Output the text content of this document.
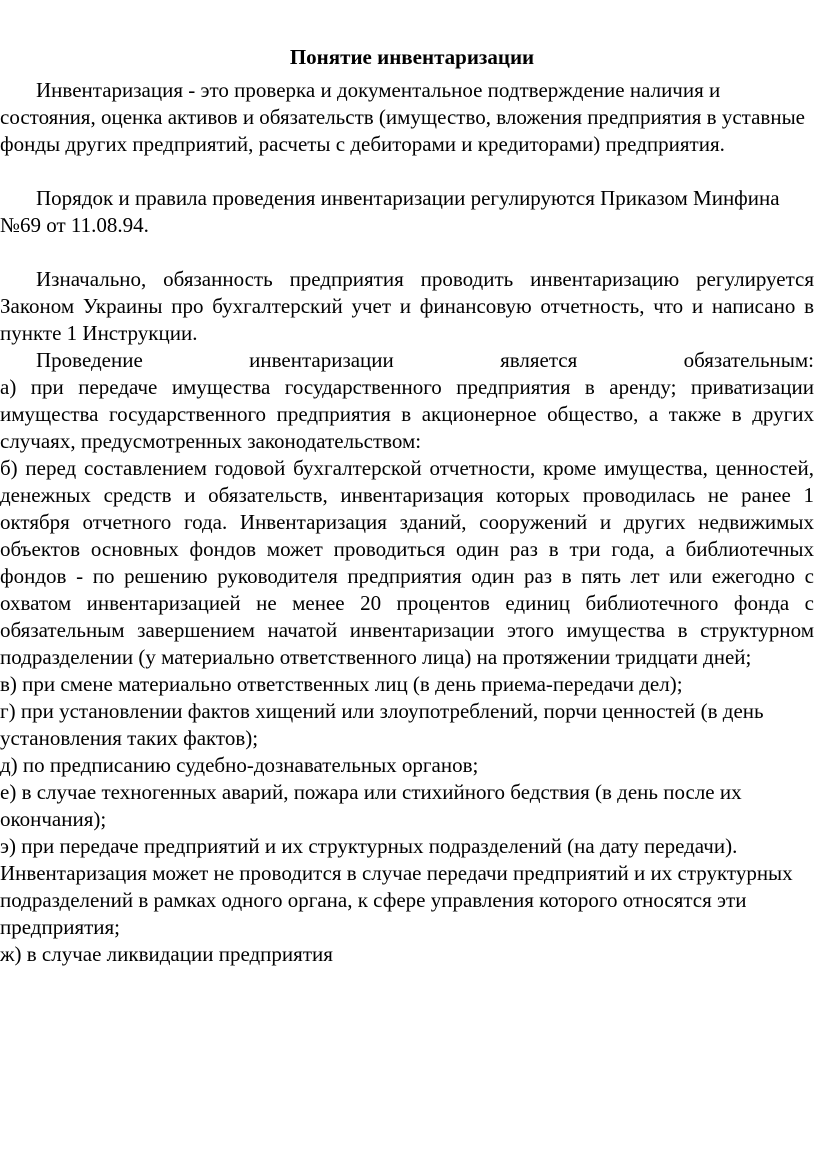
Понятие инвентаризации

Инвентаризация - это проверка и документальное подтверждение наличия и состояния, оценка активов и обязательств (имущество, вложения предприятия в уставные фонды других предприятий, расчеты с дебиторами и кредиторами) предприятия.

Порядок и правила проведения инвентаризации регулируются Приказом Минфина №69 от 11.08.94.

Изначально, обязанность предприятия проводить инвентаризацию регулируется Законом Украины про бухгалтерский учет и финансовую отчетность, что и написано в пункте 1 Инструкции.

Проведение инвентаризации является обязательным:

а) при передаче имущества государственного предприятия в аренду; приватизации имущества государственного предприятия в акционерное общество, а также в других случаях, предусмотренных законодательством:

б) перед составлением годовой бухгалтерской отчетности, кроме имущества, ценностей, денежных средств и обязательств, инвентаризация которых проводилась не ранее 1 октября отчетного года. Инвентаризация зданий, сооружений и других недвижимых объектов основных фондов может проводиться один раз в три года, а библиотечных фондов - по решению руководителя предприятия один раз в пять лет или ежегодно с охватом инвентаризацией не менее 20 процентов единиц библиотечного фонда с обязательным завершением начатой инвентаризации этого имущества в структурном подразделении (у материально ответственного лица) на протяжении тридцати дней;

в) при смене материально ответственных лиц (в день приема-передачи дел);

г) при установлении фактов хищений или злоупотреблений, порчи ценностей (в день установления таких фактов);

д) по предписанию судебно-дознавательных органов;

е) в случае техногенных аварий, пожара или стихийного бедствия (в день после их окончания);

э) при передаче предприятий и их структурных подразделений (на дату передачи). Инвентаризация может не проводится в случае передачи предприятий и их структурных подразделений в рамках одного органа, к сфере управления которого относятся эти предприятия;

ж) в случае ликвидации предприятия
